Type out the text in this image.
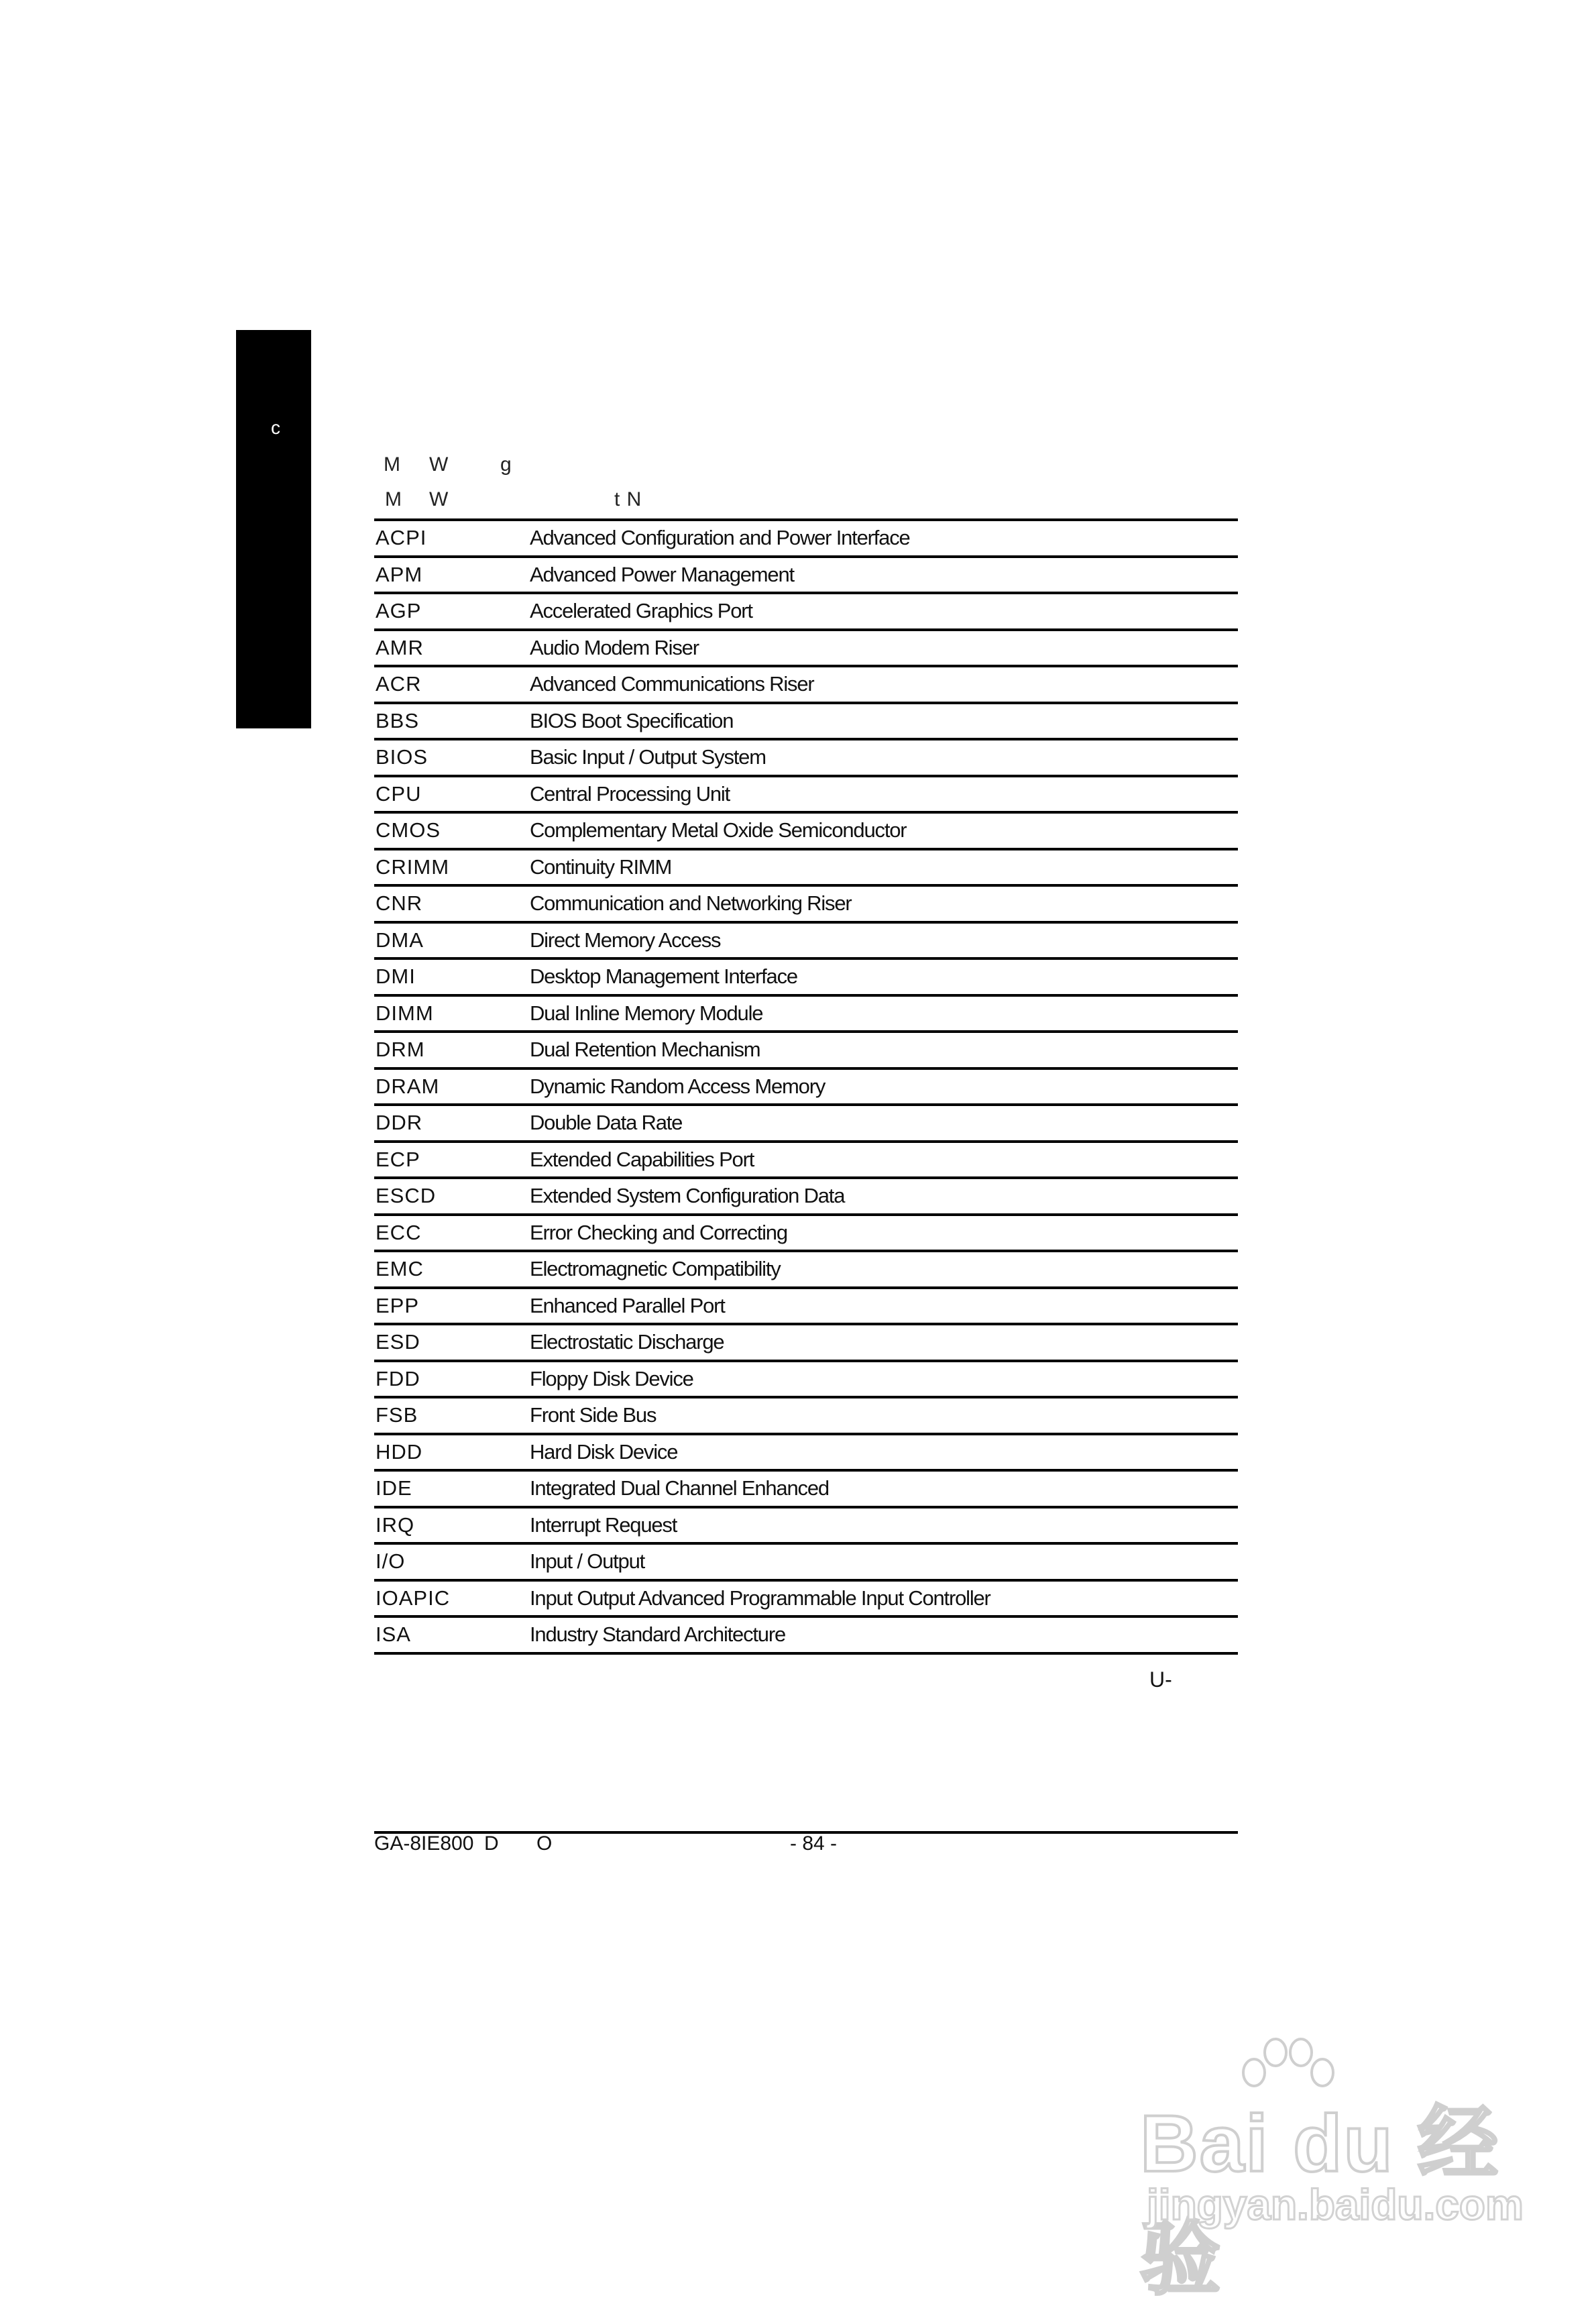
c
M W	g
M W	t N
ACPI	Advanced Configuration and Power Interface
APM	Advanced Power Management
AGP	Accelerated Graphics Port
AMR	Audio Modem Riser
ACR	Advanced Communications Riser
BBS	BIOS Boot Specification
BIOS	Basic Input / Output System
CPU	Central Processing Unit
CMOS	Complementary Metal Oxide Semiconductor
CRIMM	Continuity RIMM
CNR	Communication and Networking Riser
DMA	Direct Memory Access
DMI	Desktop Management Interface
DIMM	Dual Inline Memory Module
DRM	Dual Retention Mechanism
DRAM	Dynamic Random Access Memory
DDR	Double Data Rate
ECP	Extended Capabilities Port
ESCD	Extended System Configuration Data
ECC	Error Checking and Correcting
EMC	Electromagnetic Compatibility
EPP	Enhanced Parallel Port
ESD	Electrostatic Discharge
FDD	Floppy Disk Device
FSB	Front Side Bus
HDD	Hard Disk Device
IDE	Integrated Dual Channel Enhanced
IRQ	Interrupt Request
I/O	Input / Output
IOAPIC	Input Output Advanced Programmable Input Controller
ISA	Industry Standard Architecture
U-
GA-8IE800 D O	- 84 -
Bai du 经验
jingyan.baidu.com
